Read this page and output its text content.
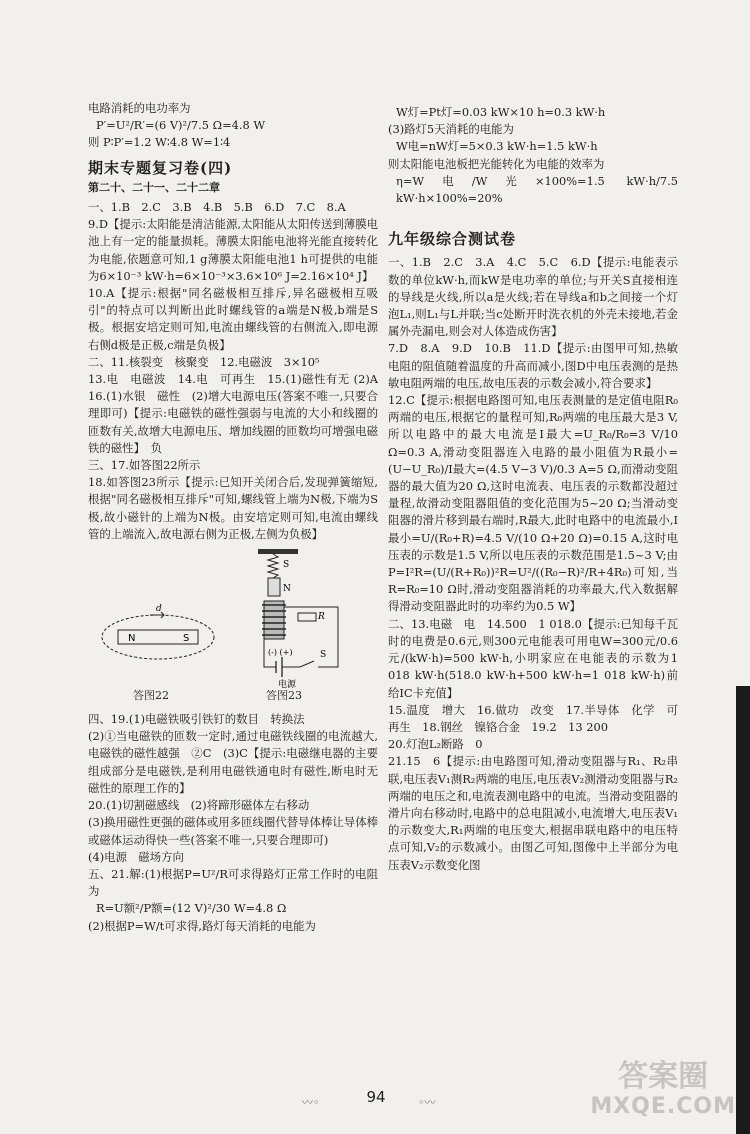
电路消耗的电功率为

P′=U²/R′=(6 V)²/7.5 Ω=4.8 W

则 P∶P′=1.2 W∶4.8 W=1∶4

期末专题复习卷(四)

第二十、二十一、二十二章

一、1.B　2.C　3.B　4.B　5.B　6.D　7.C　8.A

9.D【提示:太阳能是清洁能源,太阳能从太阳传送到薄膜电池上有一定的能量损耗。薄膜太阳能电池将光能直接转化为电能,依题意可知,1 g薄膜太阳能电池1 h可提供的电能为6×10⁻³ kW·h=6×10⁻³×3.6×10⁶ J=2.16×10⁴ J】

10.A【提示:根据"同名磁极相互排斥,异名磁极相互吸引"的特点可以判断出此时螺线管的a端是N极,b端是S极。根据安培定则可知,电流由螺线管的右侧流入,即电源右侧d极是正极,c端是负极】

二、11.核裂变　核聚变　12.电磁波　3×10⁵

13.电　电磁波　14.电　可再生　15.(1)磁性有无 (2)A　16.(1)水银　磁性　(2)增大电源电压(答案不唯一,只要合理即可)【提示:电磁铁的磁性强弱与电流的大小和线圈的匝数有关,故增大电源电压、增加线圈的匝数均可增强电磁铁的磁性】　负

三、17.如答图22所示

18.如答图23所示【提示:已知开关闭合后,发现弹簧缩短,根据"同名磁极相互排斥"可知,螺线管上端为N极,下端为S极,故小磁针的上端为N极。由安培定则可知,电流由螺线管的上端流入,故电源右侧为正极,左侧为负极】

N	S
d
S
N
R
(-) (+)	S
电源
答图22	答图23

四、19.(1)电磁铁吸引铁钉的数目　转换法

(2)①当电磁铁的匝数一定时,通过电磁铁线圈的电流越大,电磁铁的磁性越强　②C　(3)C【提示:电磁继电器的主要组成部分是电磁铁,是利用电磁铁通电时有磁性,断电时无磁性的原理工作的】

20.(1)切割磁感线　(2)将蹄形磁体左右移动

(3)换用磁性更强的磁体或用多匝线圈代替导体棒让导体棒或磁体运动得快一些(答案不唯一,只要合理即可)

(4)电源　磁场方向

五、21.解:(1)根据P=U²/R可求得路灯正常工作时的电阻为

R=U额²/P额=(12 V)²/30 W=4.8 Ω

(2)根据P=W/t可求得,路灯每天消耗的电能为

W灯=Pt灯=0.03 kW×10 h=0.3 kW·h

(3)路灯5天消耗的电能为

W电=nW灯=5×0.3 kW·h=1.5 kW·h

则太阳能电池板把光能转化为电能的效率为

η=W电/W光×100%=1.5 kW·h/7.5 kW·h×100%=20%

九年级综合测试卷

一、1.B　2.C　3.A　4.C　5.C　6.D【提示:电能表示数的单位kW·h,而kW是电功率的单位;与开关S直接相连的导线是火线,所以a是火线;若在导线a和b之间接一个灯泡L₁,则L₁与L并联;当c处断开时洗衣机的外壳未接地,若金属外壳漏电,则会对人体造成伤害】

7.D　8.A　9.D　10.B　11.D【提示:由图甲可知,热敏电阻的阻值随着温度的升高而减小,图D中电压表测的是热敏电阻两端的电压,故电压表的示数会减小,符合要求】

12.C【提示:根据电路图可知,电压表测量的是定值电阻R₀两端的电压,根据它的量程可知,R₀两端的电压最大是3 V,所以电路中的最大电流是I最大=U_R₀/R₀=3 V/10 Ω=0.3 A,滑动变阻器连入电路的最小阻值为R最小=(U−U_R₀)/I最大=(4.5 V−3 V)/0.3 A=5 Ω,而滑动变阻器的最大值为20 Ω,这时电流表、电压表的示数都没超过量程,故滑动变阻器阻值的变化范围为5~20 Ω;当滑动变阻器的滑片移到最右端时,R最大,此时电路中的电流最小,I最小=U/(R₀+R)=4.5 V/(10 Ω+20 Ω)=0.15 A,这时电压表的示数是1.5 V,所以电压表的示数范围是1.5~3 V;由P=I²R=(U/(R+R₀))²R=U²/((R₀−R)²/R+4R₀)可知,当R=R₀=10 Ω时,滑动变阻器消耗的功率最大,代入数据解得滑动变阻器此时的功率约为0.5 W】

二、13.电磁　电　14.500　1 018.0【提示:已知每千瓦时的电费是0.6元,则300元电能表可用电W=300元/0.6元/(kW·h)=500 kW·h,小明家应在电能表的示数为1 018 kW·h(518.0 kW·h+500 kW·h=1 018 kW·h)前给IC卡充值】

15.温度　增大　16.做功　改变　17.半导体　化学　可再生　18.钢丝　镍铬合金　19.2　13 200

20.灯泡L₂断路　0

21.15　6【提示:由电路图可知,滑动变阻器与R₁、R₂串联,电压表V₁测R₂两端的电压,电压表V₂测滑动变阻器与R₂两端的电压之和,电流表测电路中的电流。当滑动变阻器的滑片向右移动时,电路中的总电阻减小,电流增大,电压表V₁的示数变大,R₁两端的电压变大,根据串联电路中的电压特点可知,V₂的示数减小。由图乙可知,图像中上半部分为电压表V₂示数变化图

〰◦	94	◦〰
答案圈
MXQE.COM
